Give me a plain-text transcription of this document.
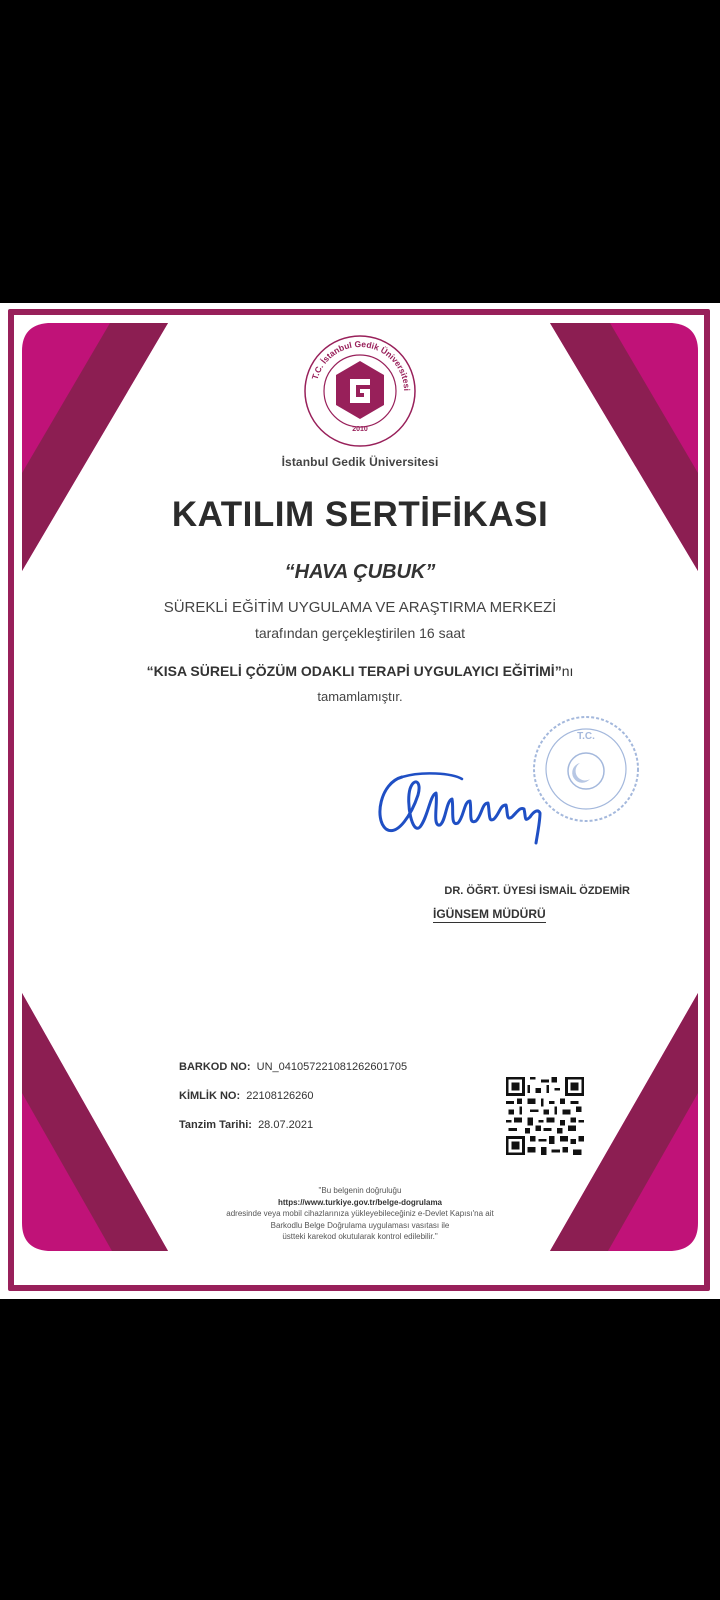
T.C. İstanbul Gedik Üniversitesi
2010
İstanbul Gedik Üniversitesi
KATILIM SERTİFİKASI
“HAVA ÇUBUK”
SÜREKLİ EĞİTİM UYGULAMA VE ARAŞTIRMA MERKEZİ
tarafından gerçekleştirilen 16 saat
“KISA SÜRELİ ÇÖZÜM ODAKLI TERAPİ UYGULAYICI EĞİTİMİ”nı
tamamlamıştır.
T.C.
DR. ÖĞRT. ÜYESİ İSMAİL ÖZDEMİR
İGÜNSEM MÜDÜRÜ
BARKOD NO: UN_041057221081262601705
KİMLİK NO: 22108126260
Tanzim Tarihi: 28.07.2021
"Bu belgenin doğruluğu
https://www.turkiye.gov.tr/belge-dogrulama
adresinde veya mobil cihazlarınıza yükleyebileceğiniz e-Devlet Kapısı'na ait
Barkodlu Belge Doğrulama uygulaması vasıtası ile
üstteki karekod okutularak kontrol edilebilir."
